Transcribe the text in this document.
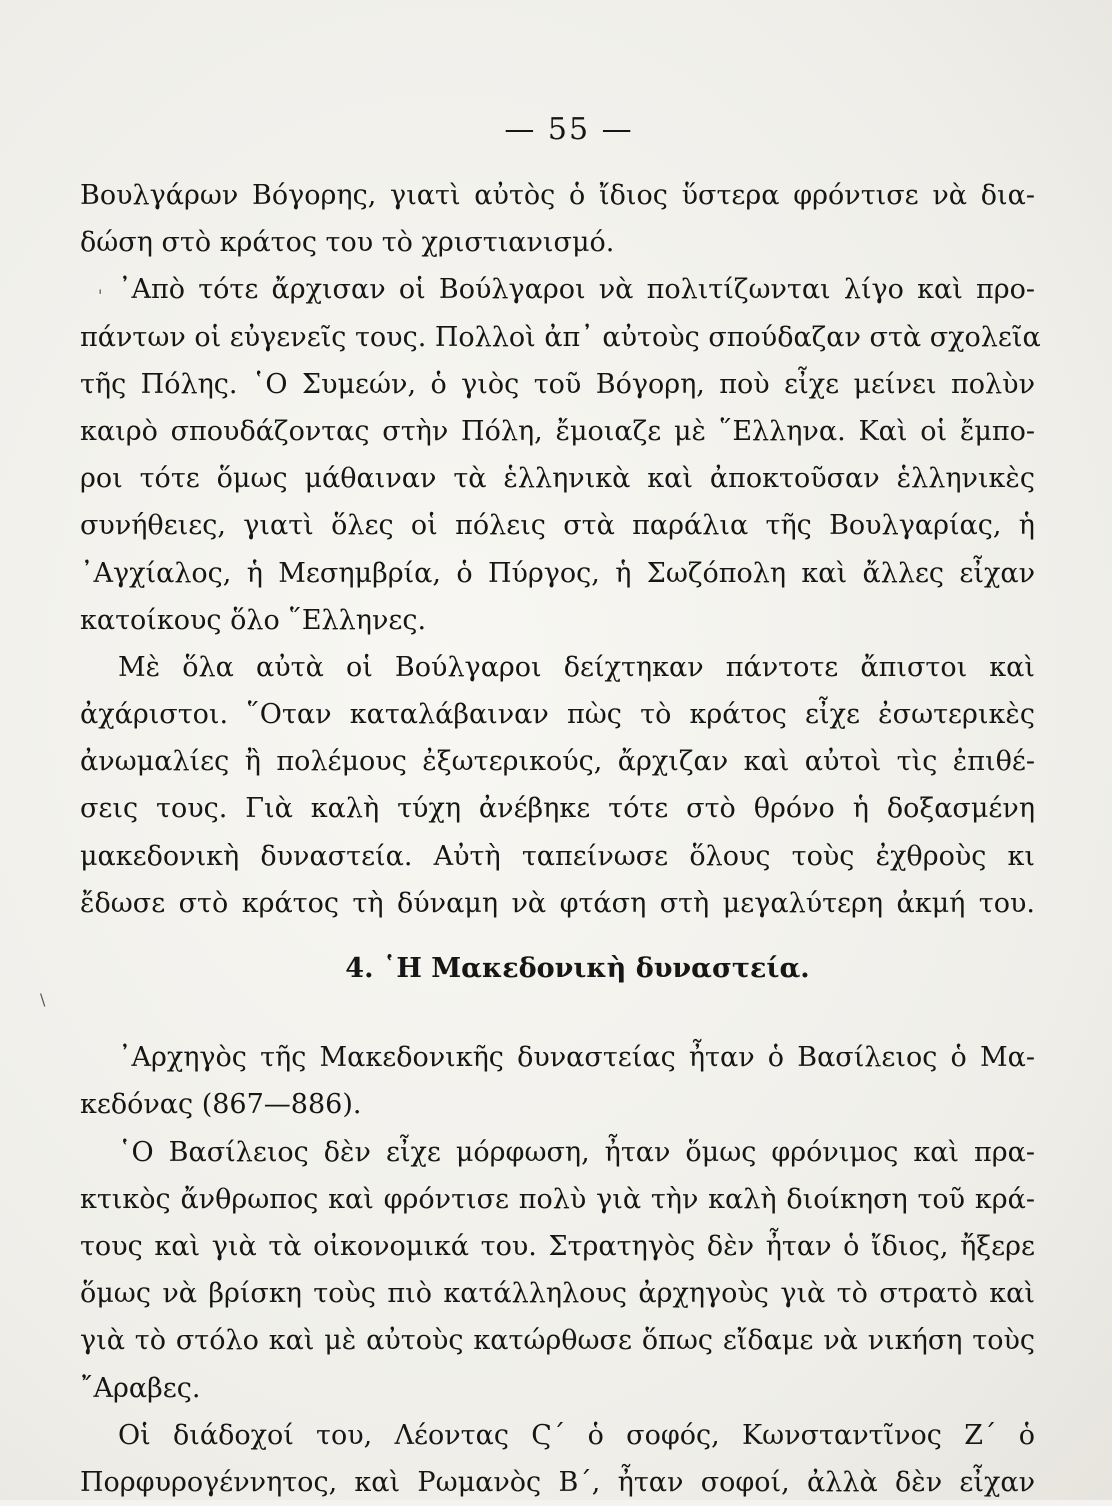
— 55 —
'
\
Βουλγάρων Βόγορης, γιατὶ αὐτὸς ὁ ἴδιος ὕστερα φρόντισε νὰ δια-
δώση στὸ κράτος του τὸ χριστιανισμό.
᾿Απὸ τότε ἄρχισαν οἱ Βούλγαροι νὰ πολιτίζωνται λίγο καὶ προ-
πάντων οἱ εὐγενεῖς τους. Πολλοὶ ἀπ᾿ αὐτοὺς σπούδαζαν στὰ σχολεῖα
τῆς Πόλης. ῾Ο Συμεών, ὁ γιὸς τοῦ Βόγορη, ποὺ εἶχε μείνει πολὺν
καιρὸ σπουδάζοντας στὴν Πόλη, ἔμοιαζε μὲ ῞Ελληνα. Καὶ οἱ ἔμπο-
ροι τότε ὅμως μάθαιναν τὰ ἑλληνικὰ καὶ ἀποκτοῦσαν ἑλληνικὲς
συνήθειες, γιατὶ ὅλες οἱ πόλεις στὰ παράλια τῆς Βουλγαρίας, ἡ
᾿Αγχίαλος, ἡ Μεσημβρία, ὁ Πύργος, ἡ Σωζόπολη καὶ ἄλλες εἶχαν
κατοίκους ὅλο ῞Ελληνες.
Μὲ ὅλα αὐτὰ οἱ Βούλγαροι δείχτηκαν πάντοτε ἄπιστοι καὶ
ἀχάριστοι. ῞Οταν καταλάβαιναν πὼς τὸ κράτος εἶχε ἐσωτερικὲς
ἀνωμαλίες ἢ πολέμους ἐξωτερικούς, ἄρχιζαν καὶ αὐτοὶ τὶς ἐπιθέ-
σεις τους. Γιὰ καλὴ τύχη ἀνέβηκε τότε στὸ θρόνο ἡ δοξασμένη
μακεδονικὴ δυναστεία. Αὐτὴ ταπείνωσε ὅλους τοὺς ἐχθροὺς κι
ἔδωσε στὸ κράτος τὴ δύναμη νὰ φτάση στὴ μεγαλύτερη ἀκμή του.
4. ῾Η Μακεδονικὴ δυναστεία.
᾿Αρχηγὸς τῆς Μακεδονικῆς δυναστείας ἦταν ὁ Βασίλειος ὁ Μα-
κεδόνας (867—886).
῾Ο Βασίλειος δὲν εἶχε μόρφωση, ἦταν ὅμως φρόνιμος καὶ πρα-
κτικὸς ἄνθρωπος καὶ φρόντισε πολὺ γιὰ τὴν καλὴ διοίκηση τοῦ κρά-
τους καὶ γιὰ τὰ οἰκονομικά του. Στρατηγὸς δὲν ἦταν ὁ ἴδιος, ἤξερε
ὅμως νὰ βρίσκη τοὺς πιὸ κατάλληλους ἀρχηγοὺς γιὰ τὸ στρατὸ καὶ
γιὰ τὸ στόλο καὶ μὲ αὐτοὺς κατώρθωσε ὅπως εἴδαμε νὰ νικήση τοὺς
῎Αραβες.
Οἱ διάδοχοί του, Λέοντας Ϛ΄ ὁ σοφός, Κωνσταντῖνος Ζ΄ ὁ
Πορφυρογέννητος, καὶ Ρωμανὸς Β΄, ἦταν σοφοί, ἀλλὰ δὲν εἶχαν
